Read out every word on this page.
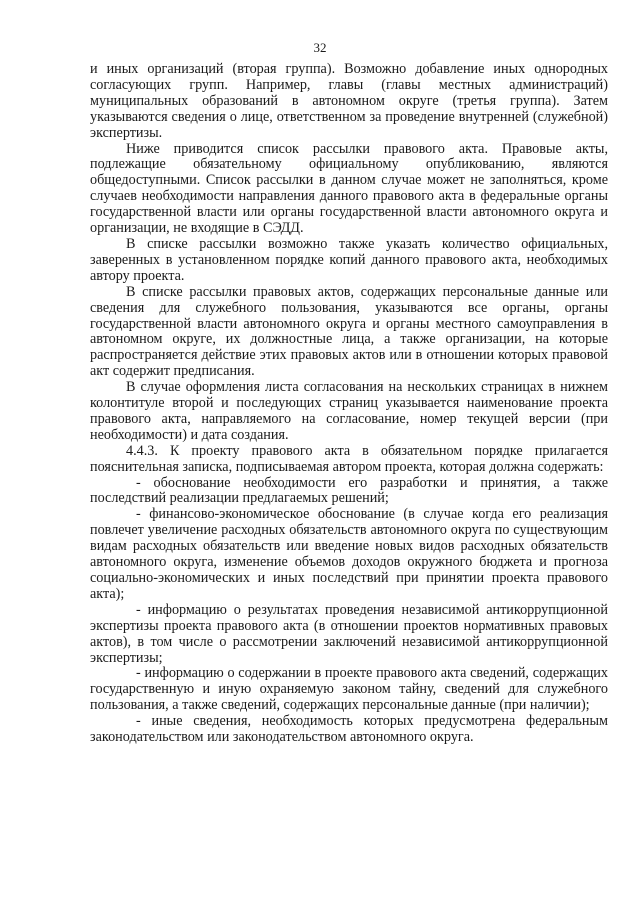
32

и иных организаций (вторая группа). Возможно добавление иных однородных согласующих групп. Например, главы (главы местных администраций) муниципальных образований в автономном округе (третья группа). Затем указываются сведения о лице, ответственном за проведение внутренней (служебной) экспертизы.

Ниже приводится список рассылки правового акта. Правовые акты, подлежащие обязательному официальному опубликованию, являются общедоступными. Список рассылки в данном случае может не заполняться, кроме случаев необходимости направления данного правового акта в федеральные органы государственной власти или органы государственной власти автономного округа и организации, не входящие в СЭДД.

В списке рассылки возможно также указать количество официальных, заверенных в установленном порядке копий данного правового акта, необходимых автору проекта.

В списке рассылки правовых актов, содержащих персональные данные или сведения для служебного пользования, указываются все органы, органы государственной власти автономного округа и органы местного самоуправления в автономном округе, их должностные лица, а также организации, на которые распространяется действие этих правовых актов или в отношении которых правовой акт содержит предписания.

В случае оформления листа согласования на нескольких страницах в нижнем колонтитуле второй и последующих страниц указывается наименование проекта правового акта, направляемого на согласование, номер текущей версии (при необходимости) и дата создания.

4.4.3. К проекту правового акта в обязательном порядке прилагается пояснительная записка, подписываемая автором проекта, которая должна содержать:

- обоснование необходимости его разработки и принятия, а также последствий реализации предлагаемых решений;

- финансово-экономическое обоснование (в случае когда его реализация повлечет увеличение расходных обязательств автономного округа по существующим видам расходных обязательств или введение новых видов расходных обязательств автономного округа, изменение объемов доходов окружного бюджета и прогноза социально-экономических и иных последствий при принятии проекта правового акта);

- информацию о результатах проведения независимой антикоррупционной экспертизы проекта правового акта (в отношении проектов нормативных правовых актов), в том числе о рассмотрении заключений независимой антикоррупционной экспертизы;

- информацию о содержании в проекте правового акта сведений, содержащих государственную и иную охраняемую законом тайну, сведений для служебного пользования, а также сведений, содержащих персональные данные (при наличии);

- иные сведения, необходимость которых предусмотрена федеральным законодательством или законодательством автономного округа.
